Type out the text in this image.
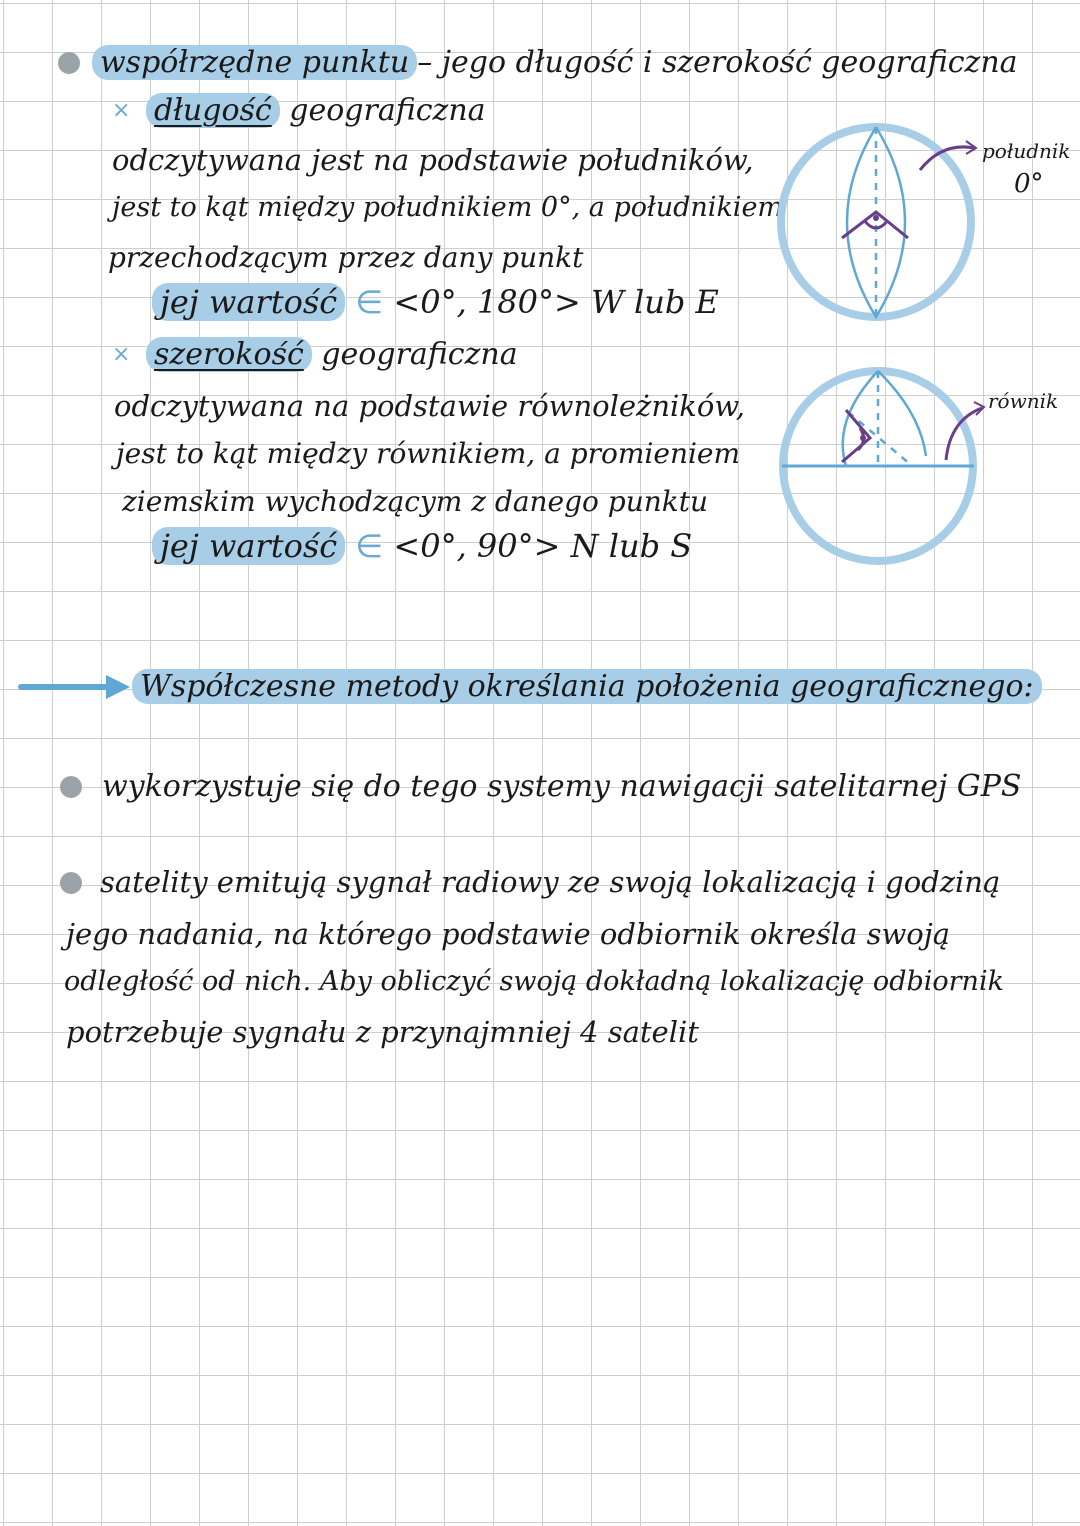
współrzędne punktu – jego długość i szerokość geograficzna
× długość geograficzna
odczytywana jest na podstawie południków,
jest to kąt między południkiem 0°, a południkiem
przechodzącym przez dany punkt
jej wartość ∈ <0°, 180°> W lub E
× szerokość geograficzna
odczytywana na podstawie równoleżników,
jest to kąt między równikiem, a promieniem
ziemskim wychodzącym z danego punktu
jej wartość ∈ <0°, 90°> N lub S
południk
0°
równik
Współczesne metody określania położenia geograficznego:
wykorzystuje się do tego systemy nawigacji satelitarnej GPS
satelity emitują sygnał radiowy ze swoją lokalizacją i godziną
jego nadania, na którego podstawie odbiornik określa swoją
odległość od nich. Aby obliczyć swoją dokładną lokalizację odbiornik
potrzebuje sygnału z przynajmniej 4 satelit
